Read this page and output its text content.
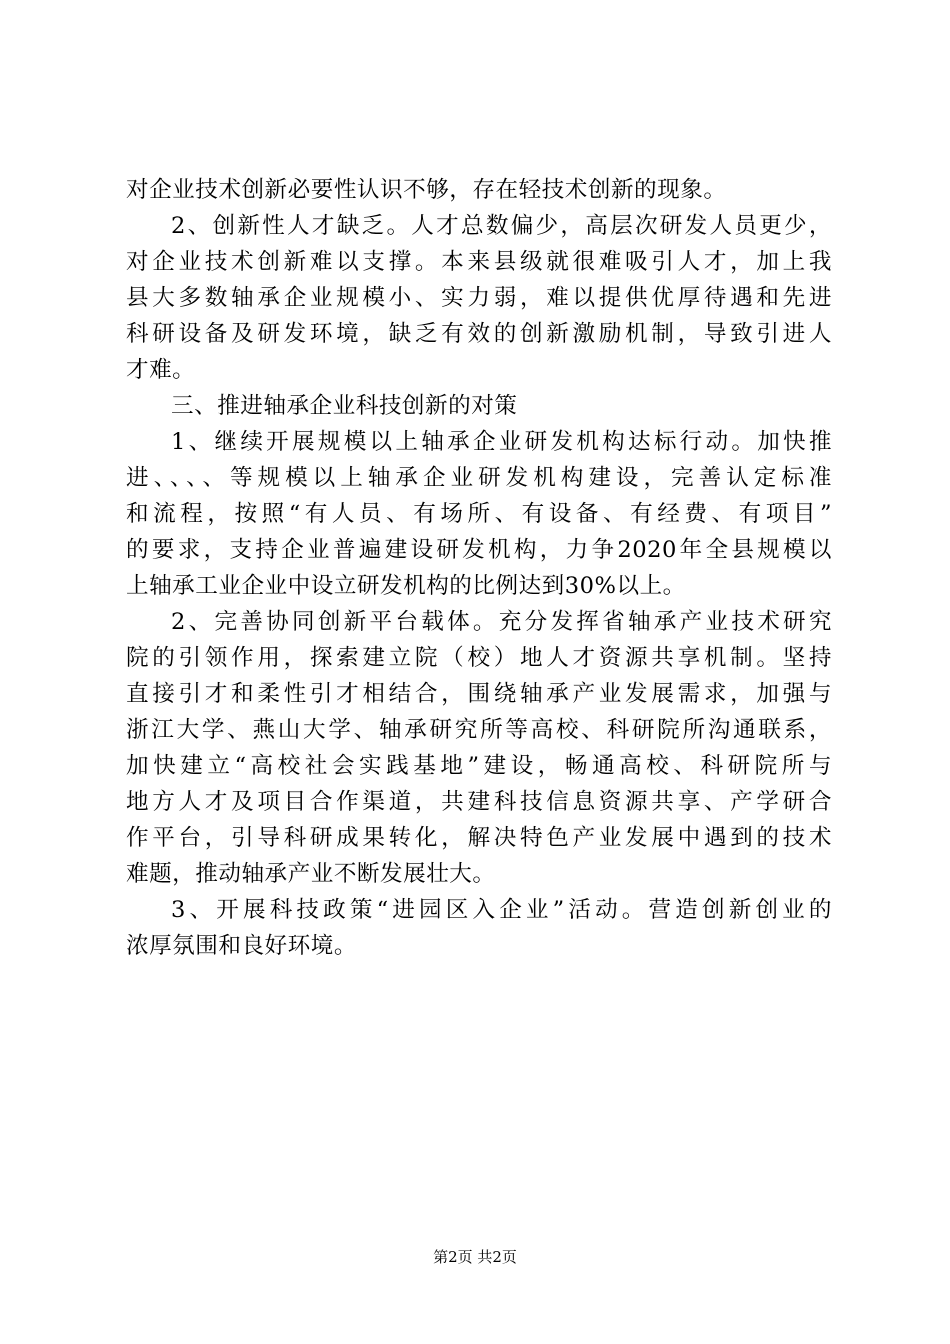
对企业技术创新必要性认识不够，存在轻技术创新的现象。
2、创新性人才缺乏。人才总数偏少，高层次研发人员更少，
对企业技术创新难以支撑。本来县级就很难吸引人才，加上我
县大多数轴承企业规模小、实力弱，难以提供优厚待遇和先进
科研设备及研发环境，缺乏有效的创新激励机制，导致引进人
才难。
三、推进轴承企业科技创新的对策
1、继续开展规模以上轴承企业研发机构达标行动。加快推
进、、、、等规模以上轴承企业研发机构建设，完善认定标准
和流程，按照“有人员、有场所、有设备、有经费、有项目”
的要求，支持企业普遍建设研发机构，力争2020年全县规模以
上轴承工业企业中设立研发机构的比例达到30%以上。
2、完善协同创新平台载体。充分发挥省轴承产业技术研究
院的引领作用，探索建立院（校）地人才资源共享机制。坚持
直接引才和柔性引才相结合，围绕轴承产业发展需求，加强与
浙江大学、燕山大学、轴承研究所等高校、科研院所沟通联系，
加快建立“高校社会实践基地”建设，畅通高校、科研院所与
地方人才及项目合作渠道，共建科技信息资源共享、产学研合
作平台，引导科研成果转化，解决特色产业发展中遇到的技术
难题，推动轴承产业不断发展壮大。
3、开展科技政策“进园区入企业”活动。营造创新创业的
浓厚氛围和良好环境。
第2页 共2页
